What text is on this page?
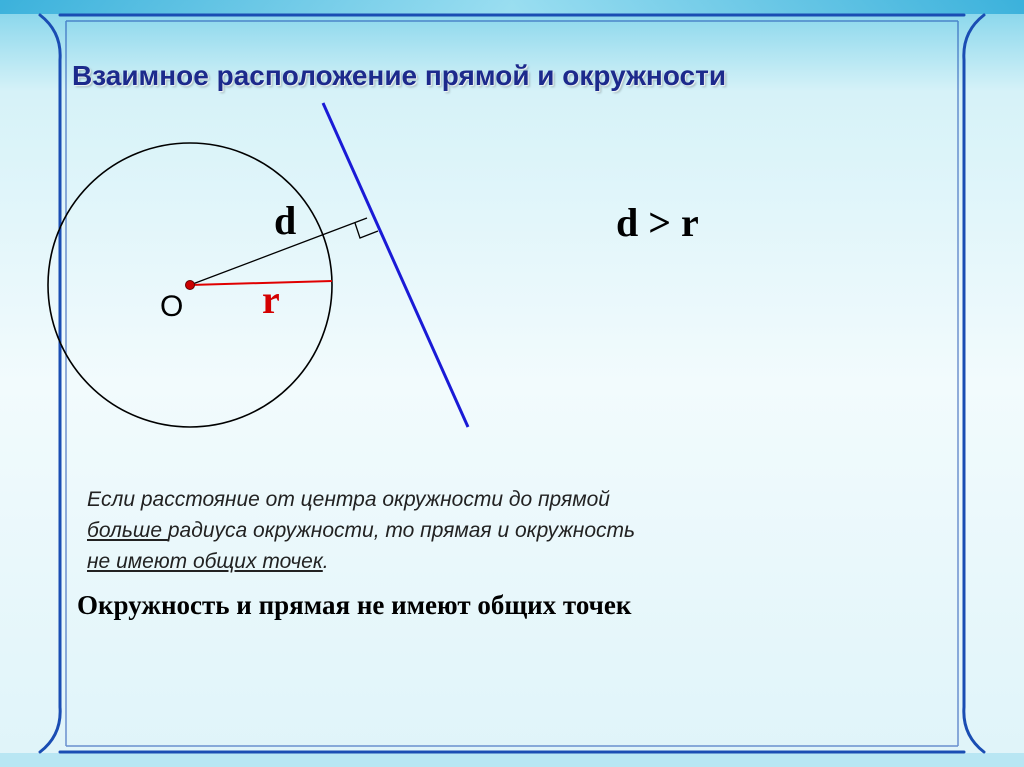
Взаимное расположение прямой и окружности
d
r
O
d > r
Если расстояние от центра окружности до прямой
больше радиуса окружности, то прямая и окружность
не имеют общих точек.
Окружность и прямая не имеют общих точек
